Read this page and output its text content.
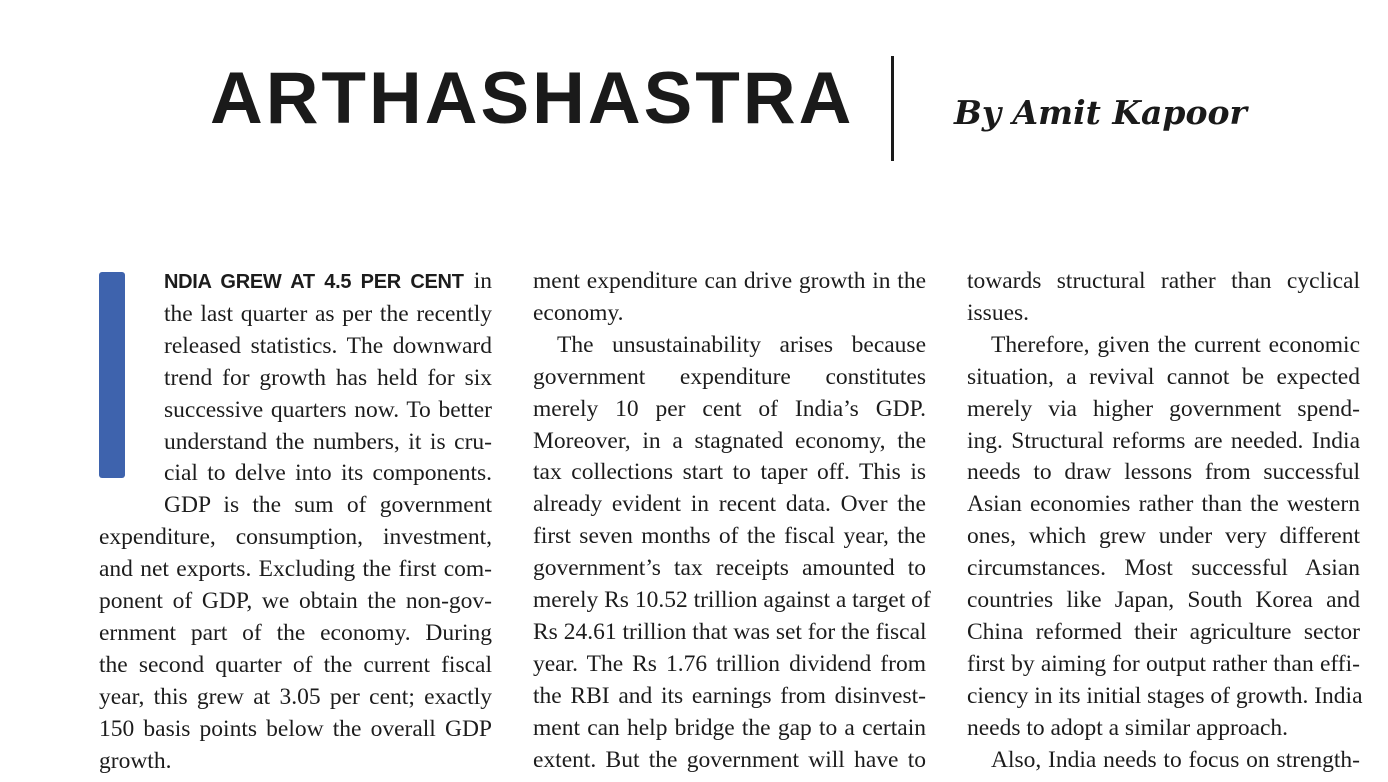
ARTHASHASTRA	By Amit Kapoor
NDIA GREW AT 4.5 PER CENT in
the last quarter as per the recently
released statistics. The downward
trend for growth has held for six
successive quarters now. To better
understand the numbers, it is cru-
cial to delve into its components.
GDP is the sum of government
expenditure, consumption, investment,
and net exports. Excluding the first com-
ponent of GDP, we obtain the non-gov-
ernment part of the economy. During
the second quarter of the current fiscal
year, this grew at 3.05 per cent; exactly
150 basis points below the overall GDP
growth.
ment expenditure can drive growth in the
economy.
The unsustainability arises because
government expenditure constitutes
merely 10 per cent of India’s GDP.
Moreover, in a stagnated economy, the
tax collections start to taper off. This is
already evident in recent data. Over the
first seven months of the fiscal year, the
government’s tax receipts amounted to
merely Rs 10.52 trillion against a target of
Rs 24.61 trillion that was set for the fiscal
year. The Rs 1.76 trillion dividend from
the RBI and its earnings from disinvest-
ment can help bridge the gap to a certain
extent. But the government will have to
towards structural rather than cyclical
issues.
Therefore, given the current economic
situation, a revival cannot be expected
merely via higher government spend-
ing. Structural reforms are needed. India
needs to draw lessons from successful
Asian economies rather than the western
ones, which grew under very different
circumstances. Most successful Asian
countries like Japan, South Korea and
China reformed their agriculture sector
first by aiming for output rather than effi-
ciency in its initial stages of growth. India
needs to adopt a similar approach.
Also, India needs to focus on strength-
